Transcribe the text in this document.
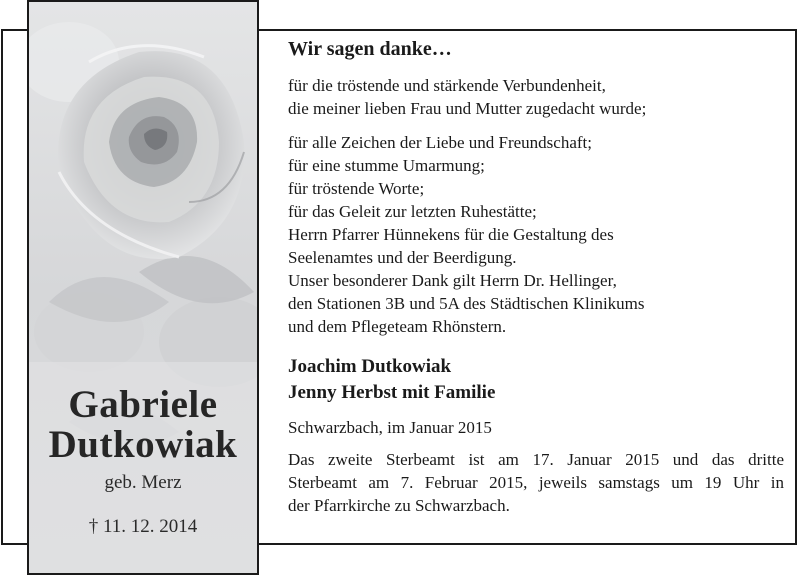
Gabriele
Dutkowiak
geb. Merz
† 11. 12. 2014
Wir sagen danke…
für die tröstende und stärkende Verbundenheit,
die meiner lieben Frau und Mutter zugedacht wurde;
für alle Zeichen der Liebe und Freundschaft;
für eine stumme Umarmung;
für tröstende Worte;
für das Geleit zur letzten Ruhestätte;
Herrn Pfarrer Hünnekens für die Gestaltung des
Seelenamtes und der Beerdigung.
Unser besonderer Dank gilt Herrn Dr. Hellinger,
den Stationen 3B und 5A des Städtischen Klinikums
und dem Pflegeteam Rhönstern.
Joachim Dutkowiak
Jenny Herbst mit Familie
Schwarzbach, im Januar 2015
Das zweite Sterbeamt ist am 17. Januar 2015 und das dritte
Sterbeamt am 7. Februar 2015, jeweils samstags um 19 Uhr in
der Pfarrkirche zu Schwarzbach.
